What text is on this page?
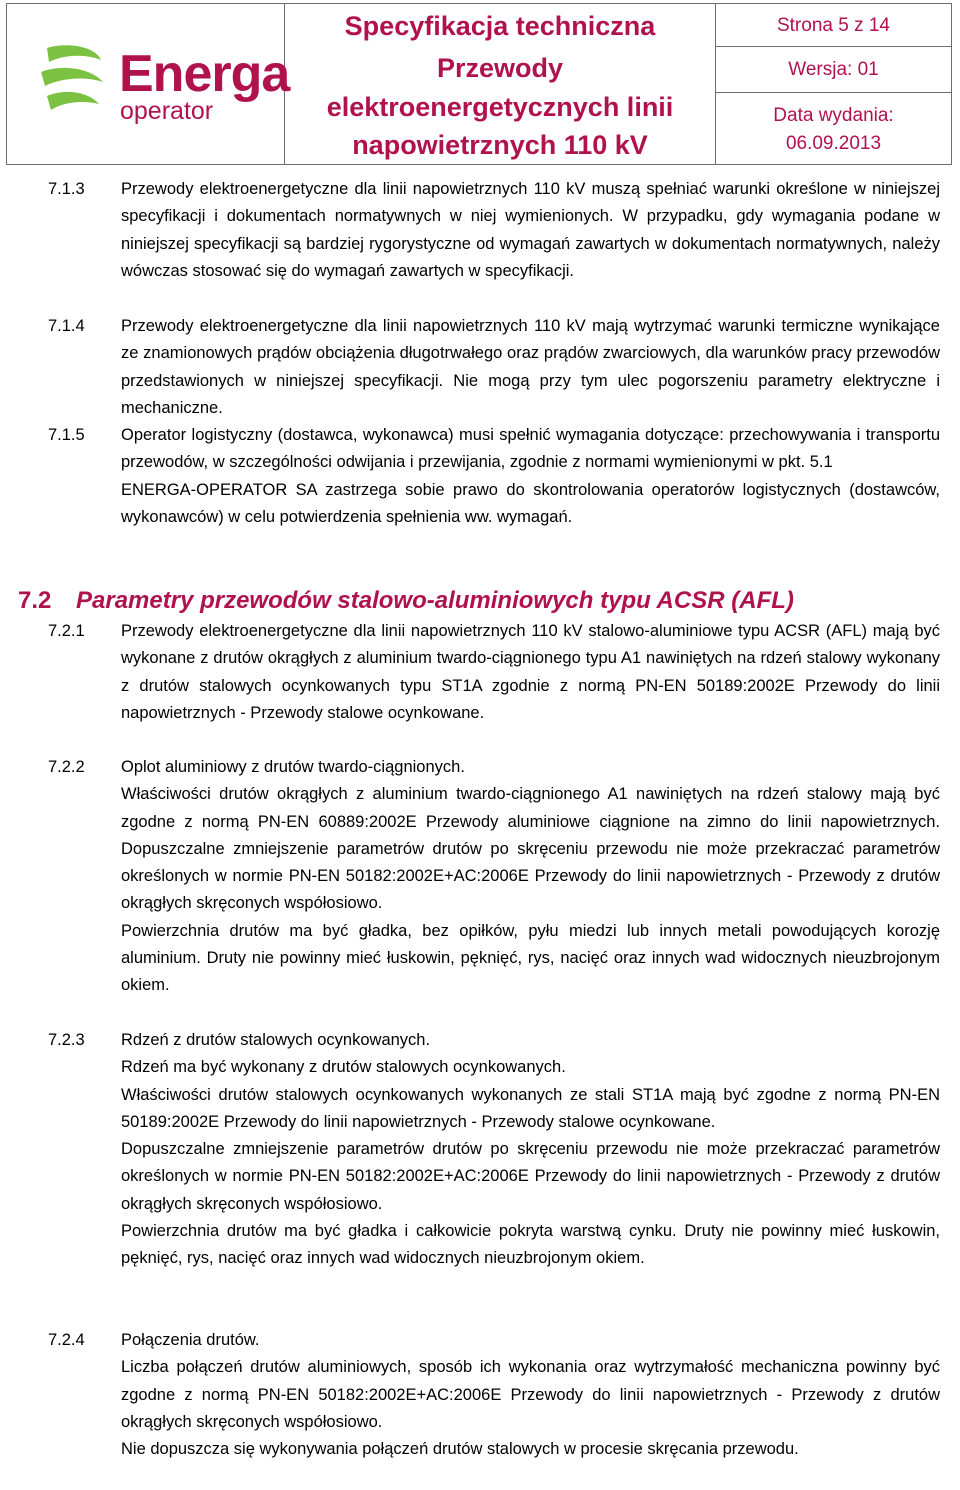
Energa
operator
Specyfikacja techniczna
Przewody
elektroenergetycznych linii
napowietrznych 110 kV
Strona 5 z 14
Wersja: 01
Data wydania:
06.09.2013
7.1.3 Przewody elektroenergetyczne dla linii napowietrznych 110 kV muszą spełniać warunki określone w niniejszej specyfikacji i dokumentach normatywnych w niej wymienionych. W przypadku, gdy wymagania podane w niniejszej specyfikacji są bardziej rygorystyczne od wymagań zawartych w dokumentach normatywnych, należy wówczas stosować się do wymagań zawartych w specyfikacji.

7.1.4 Przewody elektroenergetyczne dla linii napowietrznych 110 kV mają wytrzymać warunki termiczne wynikające ze znamionowych prądów obciążenia długotrwałego oraz prądów zwarciowych, dla warunków pracy przewodów przedstawionych w niniejszej specyfikacji. Nie mogą przy tym ulec pogorszeniu parametry elektryczne i mechaniczne.

7.1.5 Operator logistyczny (dostawca, wykonawca) musi spełnić wymagania dotyczące: przechowywania i transportu przewodów, w szczególności odwijania i przewijania, zgodnie z normami wymienionymi w pkt. 5.1

ENERGA-OPERATOR SA zastrzega sobie prawo do skontrolowania operatorów logistycznych (dostawców, wykonawców) w celu potwierdzenia spełnienia ww. wymagań.

7.2 Parametry przewodów stalowo-aluminiowych typu ACSR (AFL)
7.2.1 Przewody elektroenergetyczne dla linii napowietrznych 110 kV stalowo-aluminiowe typu ACSR (AFL) mają być wykonane z drutów okrągłych z aluminium twardo-ciągnionego typu A1 nawiniętych na rdzeń stalowy wykonany z drutów stalowych ocynkowanych typu ST1A zgodnie z normą PN-EN 50189:2002E Przewody do linii napowietrznych - Przewody stalowe ocynkowane.

7.2.2 Oplot aluminiowy z drutów twardo-ciągnionych.

Właściwości drutów okrągłych z aluminium twardo-ciągnionego A1 nawiniętych na rdzeń stalowy mają być zgodne z normą PN-EN 60889:2002E Przewody aluminiowe ciągnione na zimno do linii napowietrznych. Dopuszczalne zmniejszenie parametrów drutów po skręceniu przewodu nie może przekraczać parametrów określonych w normie PN-EN 50182:2002E+AC:2006E Przewody do linii napowietrznych - Przewody z drutów okrągłych skręconych współosiowo.

Powierzchnia drutów ma być gładka, bez opiłków, pyłu miedzi lub innych metali powodujących korozję aluminium. Druty nie powinny mieć łuskowin, pęknięć, rys, nacięć oraz innych wad widocznych nieuzbrojonym okiem.

7.2.3 Rdzeń z drutów stalowych ocynkowanych.

Rdzeń ma być wykonany z drutów stalowych ocynkowanych.

Właściwości drutów stalowych ocynkowanych wykonanych ze stali ST1A mają być zgodne z normą PN-EN 50189:2002E Przewody do linii napowietrznych - Przewody stalowe ocynkowane.

Dopuszczalne zmniejszenie parametrów drutów po skręceniu przewodu nie może przekraczać parametrów określonych w normie PN-EN 50182:2002E+AC:2006E Przewody do linii napowietrznych - Przewody z drutów okrągłych skręconych współosiowo.

Powierzchnia drutów ma być gładka i całkowicie pokryta warstwą cynku. Druty nie powinny mieć łuskowin, pęknięć, rys, nacięć oraz innych wad widocznych nieuzbrojonym okiem.

7.2.4 Połączenia drutów.

Liczba połączeń drutów aluminiowych, sposób ich wykonania oraz wytrzymałość mechaniczna powinny być zgodne z normą PN-EN 50182:2002E+AC:2006E Przewody do linii napowietrznych - Przewody z drutów okrągłych skręconych współosiowo.

Nie dopuszcza się wykonywania połączeń drutów stalowych w procesie skręcania przewodu.
